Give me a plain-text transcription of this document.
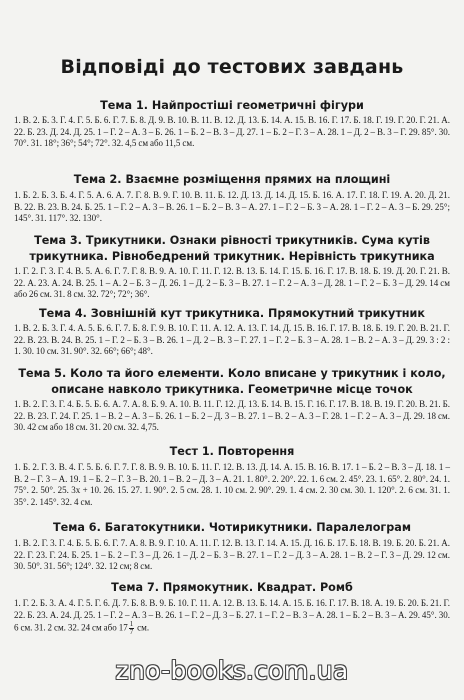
Відповіді до тестових завдань
Тема 1. Найпростіші геометричні фігури
1. В. 2. Б. 3. Г. 4. Г. 5. Б. 6. Г. 7. Б. 8. Д. 9. В. 10. В. 11. В. 12. Д. 13. Б. 14. А. 15. В. 16. Г. 17. Б. 18. Г. 19. Г. 20. Г. 21. А. 22. Б. 23. Д. 24. Д. 25. 1 – Г. 2 – А. 3 – Б. 26. 1 – Б. 2 – В. 3 – Д. 27. 1 – Б. 2 – Г. 3 – А. 28. 1 – Д. 2 – В. 3 – Г. 29. 85°. 30. 70°. 31. 18°; 36°; 54°; 72°. 32. 4,5 см або 11,5 см.
Тема 2. Взаємне розміщення прямих на площині
1. Б. 2. Б. 3. Б. 4. Г. 5. А. 6. А. 7. Г. 8. В. 9. Г. 10. В. 11. Б. 12. Д. 13. Д. 14. Д. 15. Б. 16. А. 17. Г. 18. Г. 19. А. 20. Д. 21. В. 22. В. 23. В. 24. Б. 25. 1 – Г. 2 – А. 3 – В. 26. 1 – Б. 2 – В. 3 – А. 27. 1 – Г. 2 – Б. 3 – А. 28. 1 – Г. 2 – А. 3 – Б. 29. 25°; 145°. 31. 117°. 32. 130°.
Тема 3. Трикутники. Ознаки рівності трикутників. Сума кутів трикутника. Рівнобедрений трикутник. Нерівність трикутника
1. Г. 2. Г. 3. Г. 4. В. 5. А. 6. Г. 7. Г. 8. В. 9. А. 10. Г. 11. Г. 12. В. 13. Б. 14. Г. 15. Б. 16. Г. 17. В. 18. Б. 19. Д. 20. Г. 21. В. 22. А. 23. А. 24. В. 25. 1 – А. 2 – Б. 3 – Д. 26. 1 – Д. 2 – Б. 3 – В. 27. 1 – Г. 2 – А. 3 – Д. 28. 1 – Г. 2 – Б. 3 – Д. 29. 14 см або 26 см. 31. 8 см. 32. 72°; 72°; 36°.
Тема 4. Зовнішній кут трикутника. Прямокутний трикутник
1. В. 2. Б. 3. Г. 4. А. 5. Б. 6. Г. 7. Б. 8. Г. 9. В. 10. Г. 11. А. 12. А. 13. Г. 14. Д. 15. В. 16. Г. 17. В. 18. Б. 19. Г. 20. В. 21. Г. 22. В. 23. В. 24. В. 25. 1 – Г. 2 – Б. 3 – В. 26. 1 – Д. 2 – В. 3 – Г. 27. 1 – Г. 2 – Б. 3 – А. 28. 1 – В. 2 – А. 3 – Д. 29. 3 : 2 : 1. 30. 10 см. 31. 90°. 32. 66°; 66°; 48°.
Тема 5. Коло та його елементи. Коло вписане у трикутник і коло, описане навколо трикутника. Геометричне місце точок
1. В. 2. Г. 3. Г. 4. Б. 5. Б. 6. А. 7. А. 8. Б. 9. А. 10. В. 11. Г. 12. Д. 13. Б. 14. В. 15. Г. 16. Г. 17. В. 18. В. 19. Г. 20. В. 21. Б. 22. В. 23. Г. 24. Г. 25. 1 – В. 2 – А. 3 – Б. 26. 1 – Б. 2 – Д. 3 – В. 27. 1 – В. 2 – А. 3 – Г. 28. 1 – Г. 2 – А. 3 – Д. 29. 18 см. 30. 42 см або 18 см. 31. 20 см. 32. 4,75.
Тест 1. Повторення
1. Б. 2. Г. 3. В. 4. Г. 5. Б. 6. Г. 7. Г. 8. В. 9. В. 10. Б. 11. Г. 12. В. 13. Д. 14. А. 15. В. 16. В. 17. 1 – Б. 2 – В. 3 – Д. 18. 1 – В. 2 – Г. 3 – А. 19. 1 – Б. 2 – Г. 3 – В. 20. 1 – В. 2 – Д. 3 – А. 21. 1. 80°. 2. 20°. 22. 1. 6 см. 2. 45°. 23. 1. 65°. 2. 80°. 24. 1. 75°. 2. 50°. 25. 3x + 10. 26. 15. 27. 1. 90°. 2. 5 см. 28. 1. 10 см. 2. 90°. 29. 1. 4 см. 2. 30 см. 30. 1. 120°. 2. 6 см. 31. 1. 35°. 2. 145°. 32. 4 см.
Тема 6. Багатокутники. Чотирикутники. Паралелограм
1. В. 2. Г. 3. Г. 4. Б. 5. Б. 6. Г. 7. А. 8. В. 9. Г. 10. А. 11. Г. 12. В. 13. Г. 14. А. 15. Д. 16. Б. 17. Б. 18. В. 19. Б. 20. Б. 21. А. 22. Г. 23. Г. 24. Б. 25. 1 – Б. 2 – Г. 3 – Д. 26. 1 – Д. 2 – Б. 3 – В. 27. 1 – Г. 2 – Д. 3 – А. 28. 1 – В. 2 – Г. 3 – Д. 29. 12 см. 30. 50°. 31. 56°; 124°. 32. 12 см; 8 см.
Тема 7. Прямокутник. Квадрат. Ромб
1. Г. 2. Б. 3. А. 4. Г. 5. Г. 6. Д. 7. Б. 8. В. 9. Б. 10. Г. 11. А. 12. В. 13. Б. 14. А. 15. Б. 16. Г. 17. В. 18. А. 19. Б. 20. Б. 21. Г. 22. Б. 23. А. 24. Д. 25. 1 – Г. 2 – А. 3 – В. 26. 1 – Г. 2 – Д. 3 – Б. 27. 1 – Г. 2 – В. 3 – А. 28. 1 – Б. 2 – В. 3 – А. 29. 45°. 30. 6 см. 31. 2 см. 32. 24 см або $17 \frac{1}{7}$ см.
zno-books.com.ua
